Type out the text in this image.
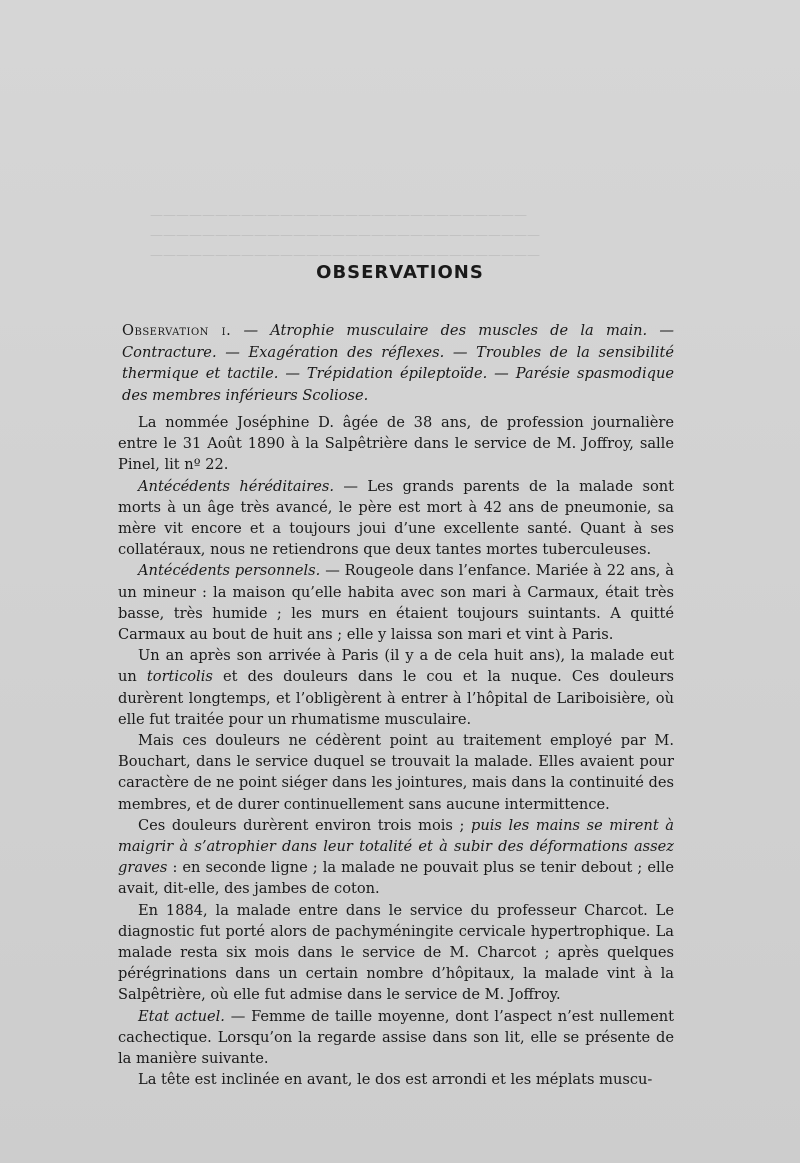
—————————————————————————————
——————————————————————————————
——————————————————————————————
OBSERVATIONS
Observation i. — Atrophie musculaire des muscles de la main. — Contracture. — Exagération des réflexes. — Troubles de la sensibilité thermique et tactile. — Trépidation épileptoïde. — Parésie spasmodique des membres inférieurs Scoliose.

La nommée Joséphine D. âgée de 38 ans, de profession journalière entre le 31 Août 1890 à la Salpêtrière dans le service de M. Joffroy, salle Pinel, lit nº 22.

Antécédents héréditaires. — Les grands parents de la malade sont morts à un âge très avancé, le père est mort à 42 ans de pneumonie, sa mère vit encore et a toujours joui d’une excellente santé. Quant à ses collatéraux, nous ne retiendrons que deux tantes mortes tuberculeuses.

Antécédents personnels. — Rougeole dans l’enfance. Mariée à 22 ans, à un mineur : la maison qu’elle habita avec son mari à Carmaux, était très basse, très humide ; les murs en étaient toujours suintants. A quitté Carmaux au bout de huit ans ; elle y laissa son mari et vint à Paris.

Un an après son arrivée à Paris (il y a de cela huit ans), la malade eut un torticolis et des douleurs dans le cou et la nuque. Ces douleurs durèrent longtemps, et l’obligèrent à entrer à l’hôpital de Lariboisière, où elle fut traitée pour un rhumatisme musculaire.

Mais ces douleurs ne cédèrent point au traitement employé par M. Bouchart, dans le service duquel se trouvait la malade. Elles avaient pour caractère de ne point siéger dans les jointures, mais dans la continuité des membres, et de durer continuellement sans aucune intermittence.

Ces douleurs durèrent environ trois mois ; puis les mains se mirent à maigrir à s’atrophier dans leur totalité et à subir des déformations assez graves : en seconde ligne ; la malade ne pouvait plus se tenir debout ; elle avait, dit-elle, des jambes de coton.

En 1884, la malade entre dans le service du professeur Charcot. Le diagnostic fut porté alors de pachyméningite cervicale hypertrophique. La malade resta six mois dans le service de M. Charcot ; après quelques pérégrinations dans un certain nombre d’hôpitaux, la malade vint à la Salpêtrière, où elle fut admise dans le service de M. Joffroy.

Etat actuel. — Femme de taille moyenne, dont l’aspect n’est nullement cachectique. Lorsqu’on la regarde assise dans son lit, elle se présente de la manière suivante.

La tête est inclinée en avant, le dos est arrondi et les méplats muscu-
